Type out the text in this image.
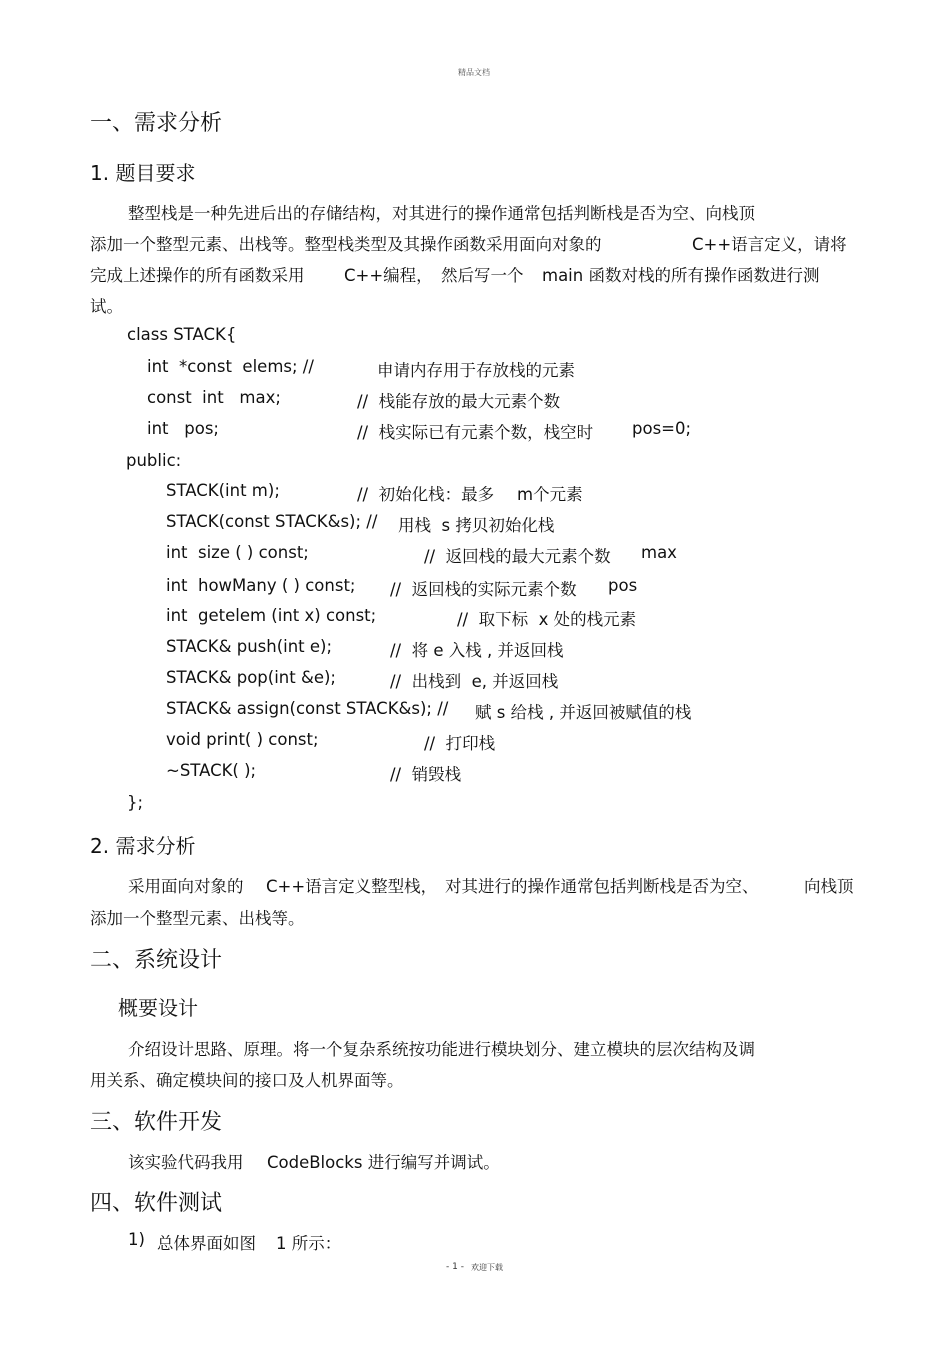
精品文档
一、需求分析
1. 题目要求
整型栈是一种先进后出的存储结构，对其进行的操作通常包括判断栈是否为空、向栈顶
添加一个整型元素、出栈等。整型栈类型及其操作函数采用面向对象的	C++语言定义，请将
完成上述操作的所有函数采用 C++编程， 然后写一个 main 函数对栈的所有操作函数进行测
试。
class STACK{
int  *const  elems; //	申请内存用于存放栈的元素
const  int   max;	//  栈能存放的最大元素个数
int   pos;	//  栈实际已有元素个数，栈空时 pos=0;
public:
STACK(int m);	//  初始化栈：最多 m个元素
STACK(const STACK&s); // 用栈  s 拷贝初始化栈
int  size ( ) const;	//  返回栈的最大元素个数 max
int  howMany ( ) const; //  返回栈的实际元素个数 pos
int  getelem (int x) const;	//  取下标  x 处的栈元素
STACK& push(int e);	//  将 e 入栈 , 并返回栈
STACK& pop(int &e);	//  出栈到  e, 并返回栈
STACK& assign(const STACK&s); // 赋 s 给栈 , 并返回被赋值的栈
void print( ) const;	//  打印栈
~STACK( );	//  销毁栈
};
2. 需求分析
采用面向对象的 C++语言定义整型栈， 对其进行的操作通常包括判断栈是否为空、	向栈顶
添加一个整型元素、出栈等。
二、系统设计
概要设计
介绍设计思路、原理。将一个复杂系统按功能进行模块划分、建立模块的层次结构及调
用关系、确定模块间的接口及人机界面等。
三、软件开发
该实验代码我用 CodeBlocks 进行编写并调试。
四、软件测试
1) 总体界面如图 1 所示：
- 1 - 欢迎下载
